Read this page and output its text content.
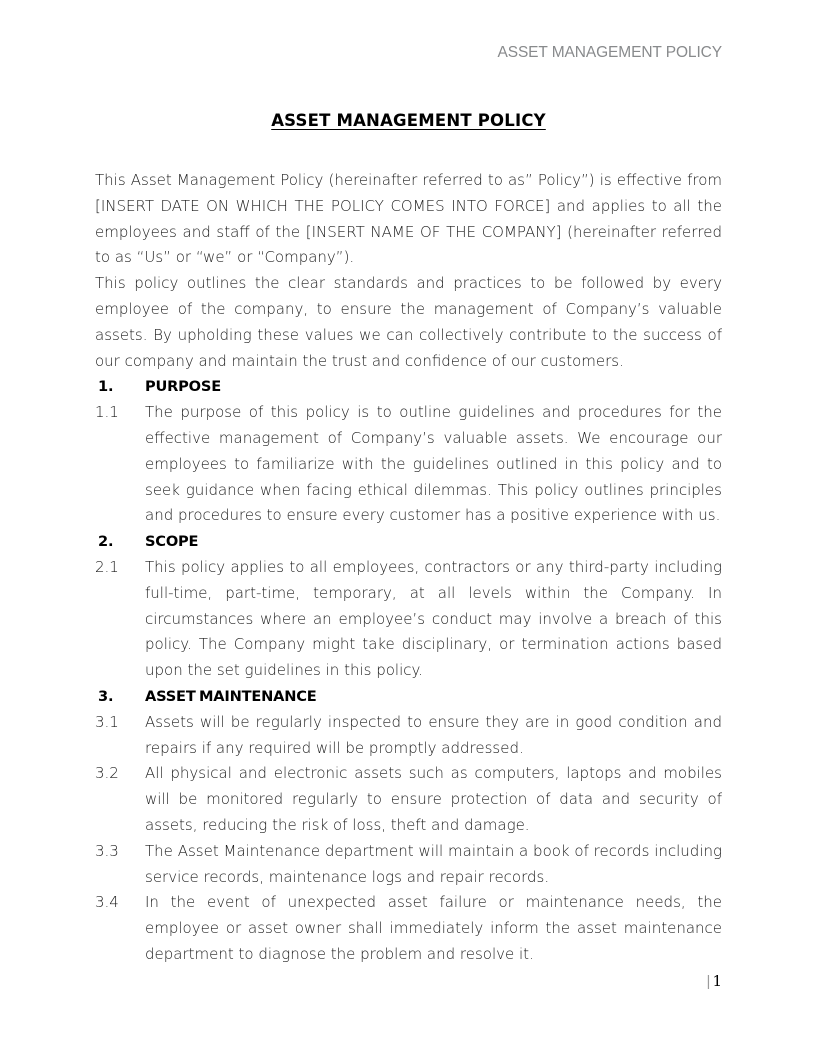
ASSET MANAGEMENT POLICY
ASSET MANAGEMENT POLICY

This Asset Management Policy (hereinafter referred to as” Policy”) is effective from [INSERT DATE ON WHICH THE POLICY COMES INTO FORCE] and applies to all the employees and staff of the [INSERT NAME OF THE COMPANY] (hereinafter referred to as “Us” or “we” or “Company”).

This policy outlines the clear standards and practices to be followed by every employee of the company, to ensure the management of Company’s valuable assets. By upholding these values we can collectively contribute to the success of our company and maintain the trust and confidence of our customers.

1.	PURPOSE
1.1	The purpose of this policy is to outline guidelines and procedures for the effective management of Company’s valuable assets. We encourage our employees to familiarize with the guidelines outlined in this policy and to seek guidance when facing ethical dilemmas. This policy outlines principles and procedures to ensure every customer has a positive experience with us.
2.	SCOPE
2.1	This policy applies to all employees, contractors or any third-party including full-time, part-time, temporary, at all levels within the Company. In circumstances where an employee’s conduct may involve a breach of this policy. The Company might take disciplinary, or termination actions based upon the set guidelines in this policy.
3.	ASSET MAINTENANCE
3.1	Assets will be regularly inspected to ensure they are in good condition and repairs if any required will be promptly addressed.
3.2	All physical and electronic assets such as computers, laptops and mobiles will be monitored regularly to ensure protection of data and security of assets, reducing the risk of loss, theft and damage.
3.3	The Asset Maintenance department will maintain a book of records including service records, maintenance logs and repair records.
3.4	In the event of unexpected asset failure or maintenance needs, the employee or asset owner shall immediately inform the asset maintenance department to diagnose the problem and resolve it.
| 1
